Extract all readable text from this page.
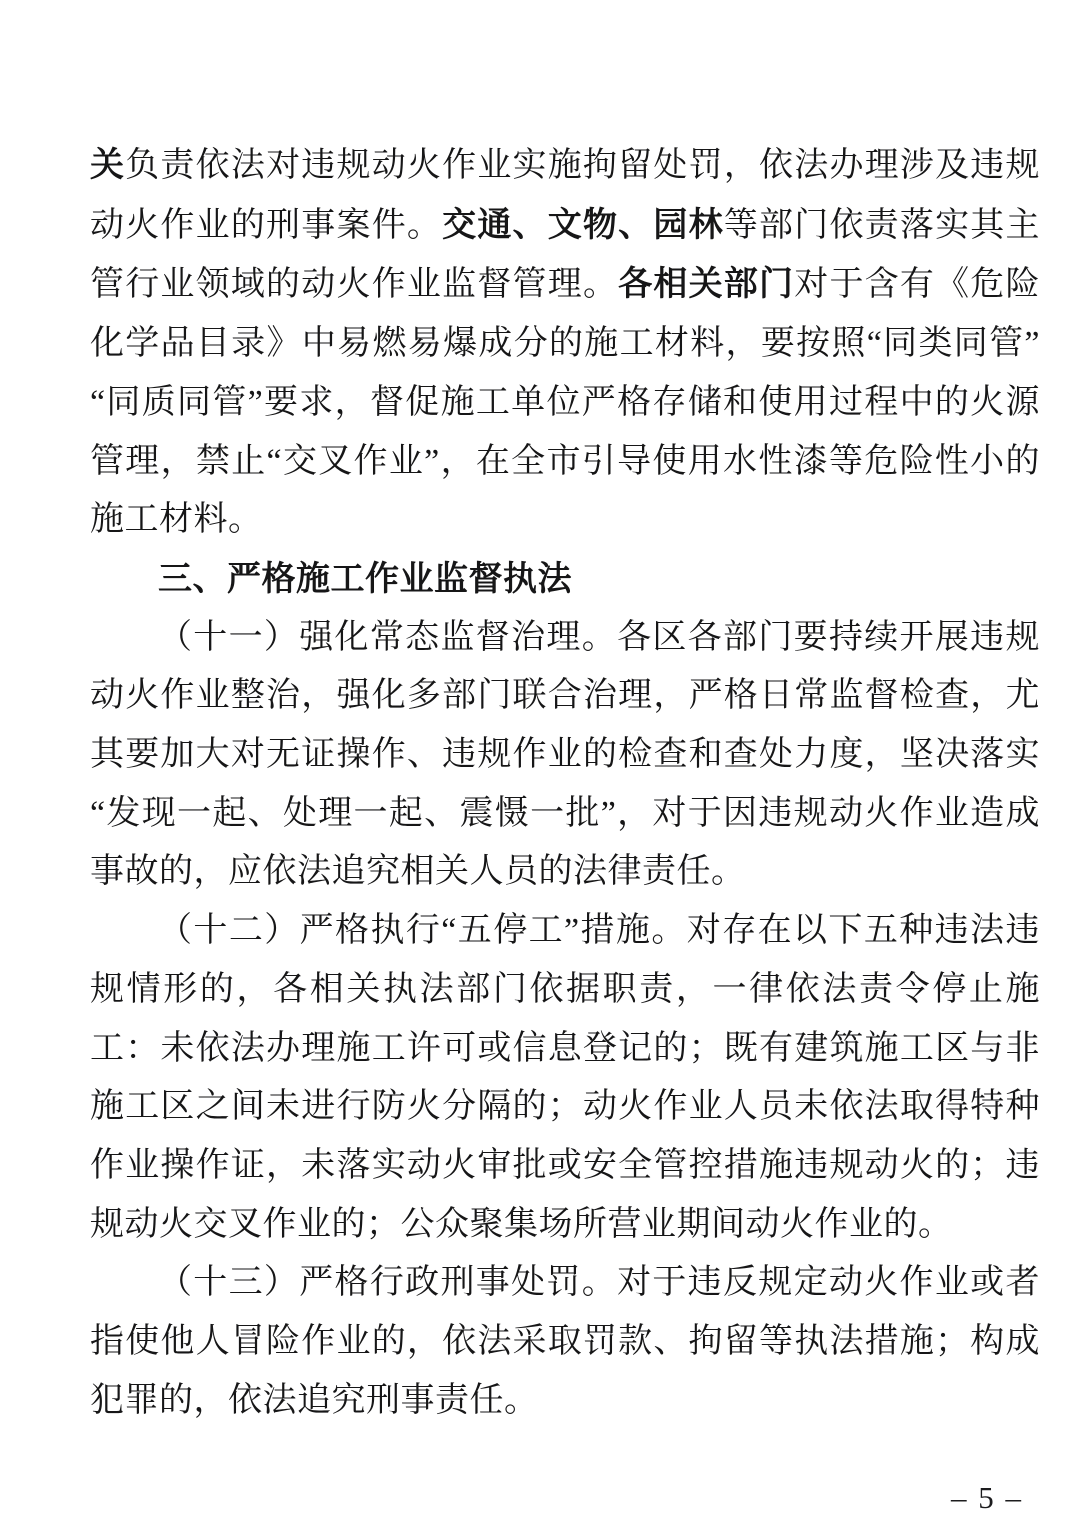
关负责依法对违规动火作业实施拘留处罚，依法办理涉及违规动火作业的刑事案件。交通、文物、园林等部门依责落实其主管行业领域的动火作业监督管理。各相关部门对于含有《危险化学品目录》中易燃易爆成分的施工材料，要按照“同类同管”“同质同管”要求，督促施工单位严格存储和使用过程中的火源管理，禁止“交叉作业”，在全市引导使用水性漆等危险性小的施工材料。

三、严格施工作业监督执法

（十一）强化常态监督治理。各区各部门要持续开展违规动火作业整治，强化多部门联合治理，严格日常监督检查，尤其要加大对无证操作、违规作业的检查和查处力度，坚决落实“发现一起、处理一起、震慑一批”，对于因违规动火作业造成事故的，应依法追究相关人员的法律责任。

（十二）严格执行“五停工”措施。对存在以下五种违法违规情形的，各相关执法部门依据职责，一律依法责令停止施工：未依法办理施工许可或信息登记的；既有建筑施工区与非施工区之间未进行防火分隔的；动火作业人员未依法取得特种作业操作证，未落实动火审批或安全管控措施违规动火的；违规动火交叉作业的；公众聚集场所营业期间动火作业的。

（十三）严格行政刑事处罚。对于违反规定动火作业或者指使他人冒险作业的，依法采取罚款、拘留等执法措施；构成犯罪的，依法追究刑事责任。

– 5 –
